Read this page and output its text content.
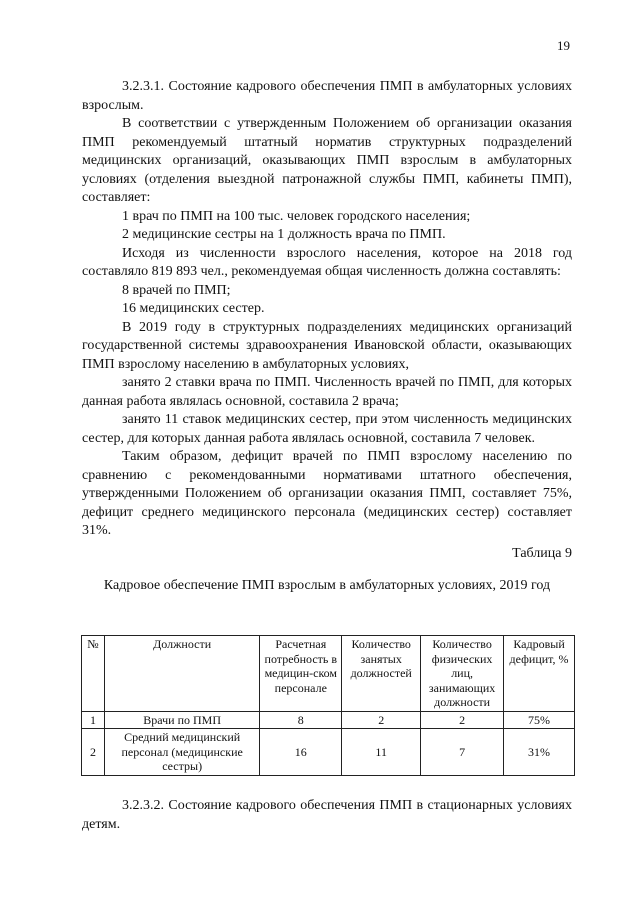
19

3.2.3.1. Состояние кадрового обеспечения ПМП в амбулаторных условиях взрослым.

В соответствии с утвержденным Положением об организации оказания ПМП рекомендуемый штатный норматив структурных подразделений медицинских организаций, оказывающих ПМП взрослым в амбулаторных условиях (отделения выездной патронажной службы ПМП, кабинеты ПМП), составляет:

1 врач по ПМП на 100 тыс. человек городского населения;

2 медицинские сестры на 1 должность врача по ПМП.

Исходя из численности взрослого населения, которое на 2018 год составляло 819 893 чел., рекомендуемая общая численность должна составлять:

8 врачей по ПМП;

16 медицинских сестер.

В 2019 году в структурных подразделениях медицинских организаций государственной системы здравоохранения Ивановской области, оказывающих ПМП взрослому населению в амбулаторных условиях,

занято 2 ставки врача по ПМП. Численность врачей по ПМП, для которых данная работа являлась основной, составила 2 врача;

занято 11 ставок медицинских сестер, при этом численность медицинских сестер, для которых данная работа являлась основной, составила 7 человек.

Таким образом, дефицит врачей по ПМП взрослому населению по сравнению с рекомендованными нормативами штатного обеспечения, утвержденными Положением об организации оказания ПМП, составляет 75%, дефицит среднего медицинского персонала (медицинских сестер) составляет 31%.

Таблица 9

Кадровое обеспечение ПМП взрослым в амбулаторных условиях, 2019 год

№	Должности	Расчетная потребность в медицин-ском персонале	Количество занятых должностей	Количество физических лиц, занимающих должности	Кадровый дефицит, %
1	Врачи по ПМП	8	2	2	75%
2	Средний медицинский персонал (медицинские сестры)	16	11	7	31%

3.2.3.2. Состояние кадрового обеспечения ПМП в стационарных условиях детям.
